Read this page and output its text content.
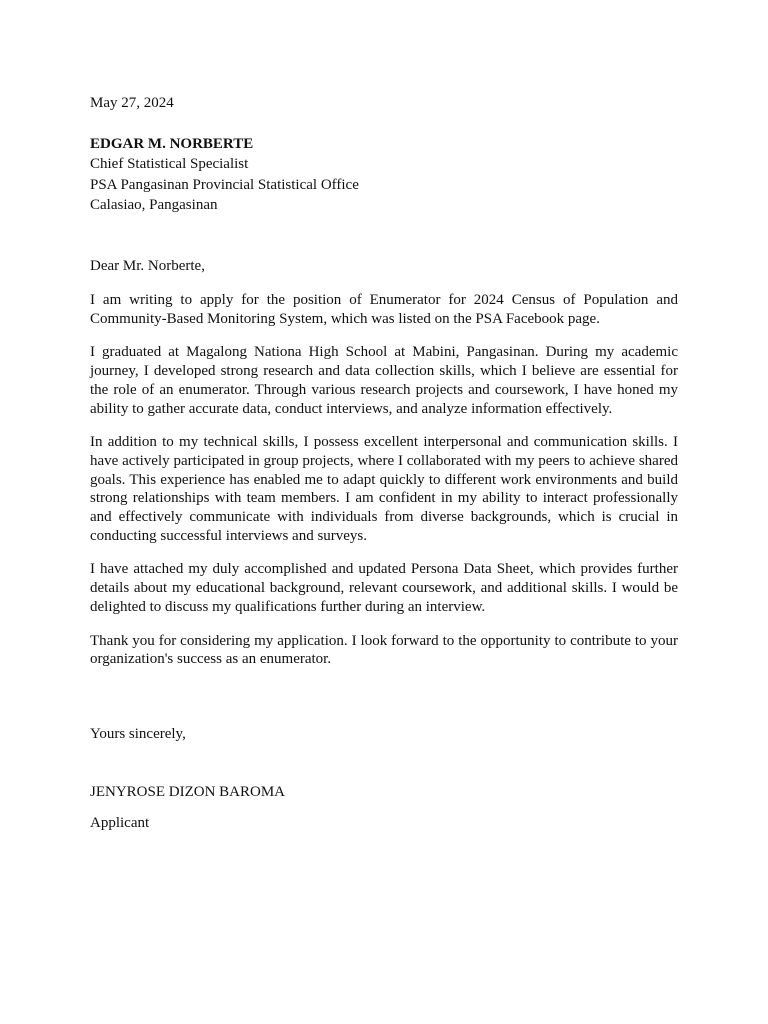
May 27, 2024
EDGAR M. NORBERTE
Chief Statistical Specialist
PSA Pangasinan Provincial Statistical Office
Calasiao, Pangasinan
Dear Mr. Norberte,
I am writing to apply for the position of Enumerator for 2024 Census of Population and Community-Based Monitoring System, which was listed on the PSA Facebook page.
I graduated at Magalong Nationa High School at Mabini, Pangasinan. During my academic journey, I developed strong research and data collection skills, which I believe are essential for the role of an enumerator. Through various research projects and coursework, I have honed my ability to gather accurate data, conduct interviews, and analyze information effectively.
In addition to my technical skills, I possess excellent interpersonal and communication skills. I have actively participated in group projects, where I collaborated with my peers to achieve shared goals. This experience has enabled me to adapt quickly to different work environments and build strong relationships with team members. I am confident in my ability to interact professionally and effectively communicate with individuals from diverse backgrounds, which is crucial in conducting successful interviews and surveys.
I have attached my duly accomplished and updated Persona Data Sheet, which provides further details about my educational background, relevant coursework, and additional skills. I would be delighted to discuss my qualifications further during an interview.
Thank you for considering my application. I look forward to the opportunity to contribute to your organization's success as an enumerator.
Yours sincerely,
JENYROSE DIZON BAROMA
Applicant
